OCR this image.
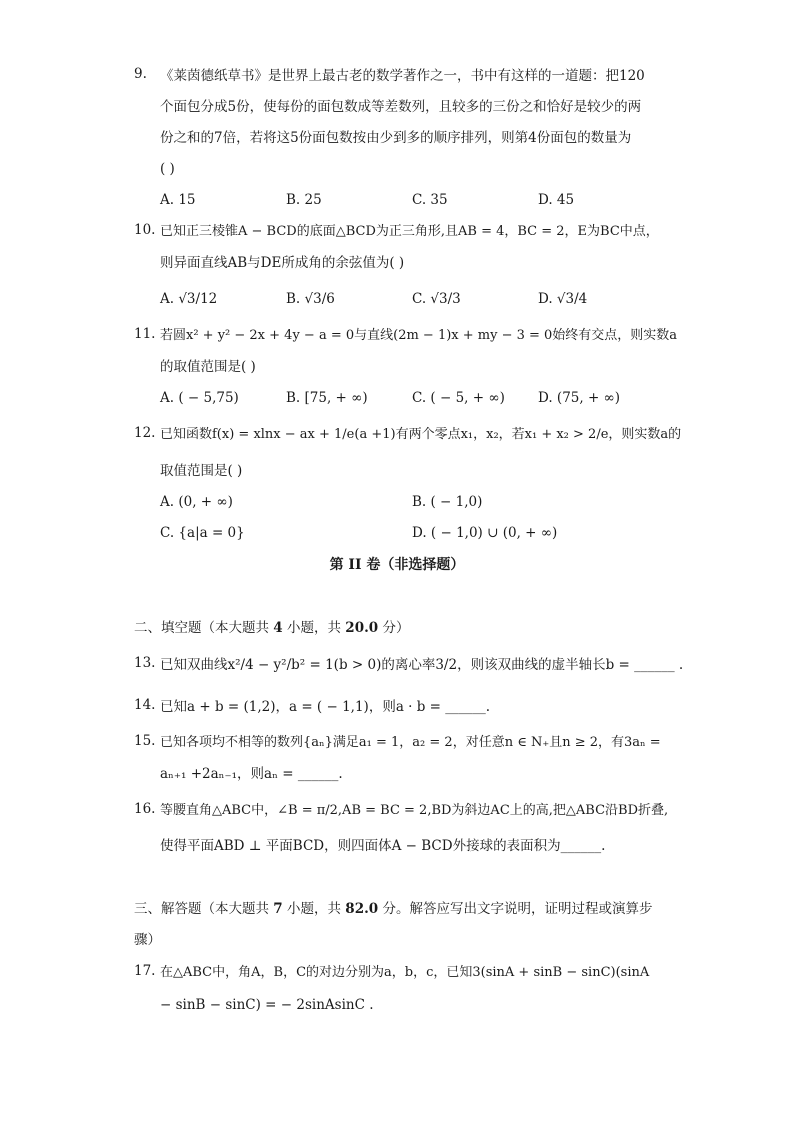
9. 《莱茵德纸草书》是世界上最古老的数学著作之一，书中有这样的一道题：把120
个面包分成5份，使每份的面包数成等差数列，且较多的三份之和恰好是较少的两
份之和的7倍，若将这5份面包数按由少到多的顺序排列，则第4份面包的数量为
( )
A. 15	B. 25	C. 35	D. 45
10. 已知正三棱锥A − BCD的底面△BCD为正三角形,且AB = 4，BC = 2，E为BC中点，
则异面直线AB与DE所成角的余弦值为( )
A. √3/12	B. √3/6	C. √3/3	D. √3/4
11. 若圆x² + y² − 2x + 4y − a = 0与直线(2m − 1)x + my − 3 = 0始终有交点，则实数a
的取值范围是( )
A. ( − 5,75)	B. [75, + ∞)	C. ( − 5, + ∞) D. (75, + ∞)
12. 已知函数f(x) = xlnx − ax + 1/e(a +1)有两个零点x₁，x₂，若x₁ + x₂ > 2/e，则实数a的
取值范围是( )
A. (0, + ∞)	B. ( − 1,0)
C. {a|a = 0}	D. ( − 1,0) ∪ (0, + ∞)
第 II 卷（非选择题）
二、填空题（本大题共 4 小题，共 20.0 分）
13. 已知双曲线x²/4 − y²/b² = 1(b > 0)的离心率3/2，则该双曲线的虚半轴长b = ______ .
14. 已知a + b = (1,2)，a = ( − 1,1)，则a · b = ______.
15. 已知各项均不相等的数列{aₙ}满足a₁ = 1，a₂ = 2，对任意n ∈ N₊且n ≥ 2，有3aₙ =
aₙ₊₁ +2aₙ₋₁，则aₙ = ______.
16. 等腰直角△ABC中，∠B = π/2,AB = BC = 2,BD为斜边AC上的高,把△ABC沿BD折叠,
使得平面ABD ⊥ 平面BCD，则四面体A − BCD外接球的表面积为______.
三、解答题（本大题共 7 小题，共 82.0 分。解答应写出文字说明，证明过程或演算步
骤）
17. 在△ABC中，角A，B，C的对边分别为a，b，c，已知3(sinA + sinB − sinC)(sinA
− sinB − sinC) = − 2sinAsinC .
